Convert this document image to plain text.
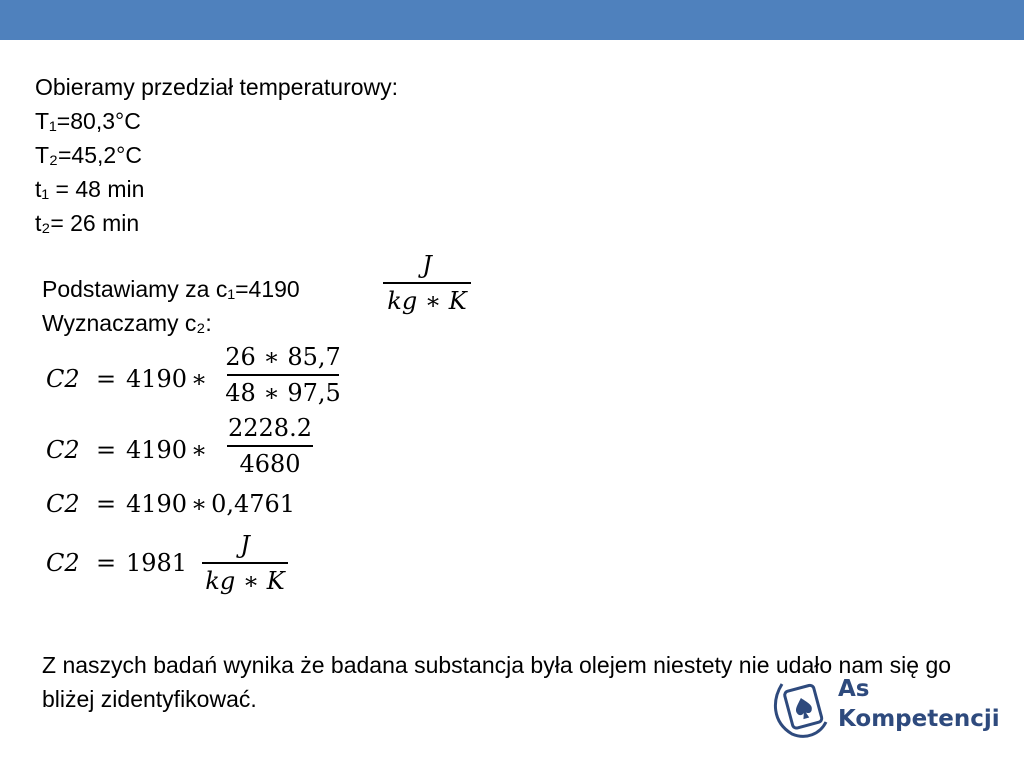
Obieramy przedział temperaturowy:
T₁=80,3°C
T₂=45,2°C
t₁ = 48 min
t₂= 26 min
Podstawiamy za c₁=4190
Wyznaczamy c₂:
J
kg ∗ K
C2 = 4190 ∗
26 ∗ 85,7
48 ∗ 97,5
C2 = 4190 ∗
2228.2
4680
C2 = 4190 ∗ 0,4761
C2 = 1981
J
kg ∗ K
Z naszych badań wynika że badana substancja była olejem niestety nie udało nam się go bliżej zidentyfikować.	As
Kompetencji
